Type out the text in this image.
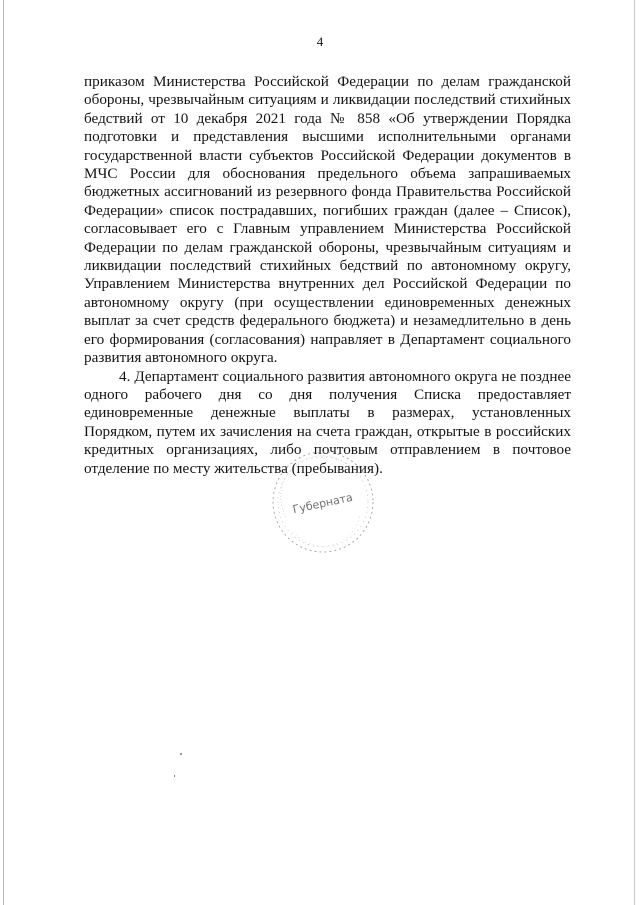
4

приказом Министерства Российской Федерации по делам гражданской обороны, чрезвычайным ситуациям и ликвидации последствий стихийных бедствий от 10 декабря 2021 года № 858 «Об утверждении Порядка подготовки и представления высшими исполнительными органами государственной власти субъектов Российской Федерации документов в МЧС России для обоснования предельного объема запрашиваемых бюджетных ассигнований из резервного фонда Правительства Российской Федерации» список пострадавших, погибших граждан (далее – Список), согласовывает его с Главным управлением Министерства Российской Федерации по делам гражданской обороны, чрезвычайным ситуациям и ликвидации последствий стихийных бедствий по автономному округу, Управлением Министерства внутренних дел Российской Федерации по автономному округу (при осуществлении единовременных денежных выплат за счет средств федерального бюджета) и незамедлительно в день его формирования (согласования) направляет в Департамент социального развития автономного округа.

4. Департамент социального развития автономного округа не позднее одного рабочего дня со дня получения Списка предоставляет единовременные денежные выплаты в размерах, установленных Порядком, путем их зачисления на счета граждан, открытые в российских кредитных организациях, либо почтовым отправлением в почтовое отделение по месту жительства (пребывания).

Губерната
